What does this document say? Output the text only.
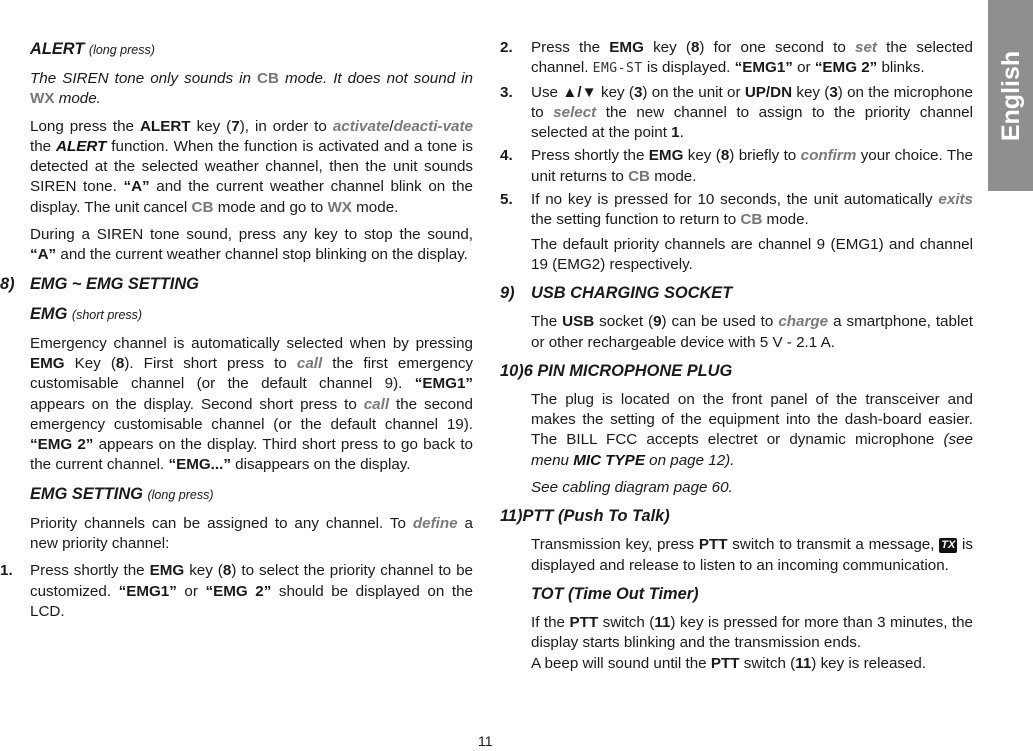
English
ALERT (long press)

The SIREN tone only sounds in CB mode. It does not sound in WX mode.

Long press the ALERT key (7), in order to activate/deacti-vate the ALERT function. When the function is activated and a tone is detected at the selected weather channel, then the unit sounds SIREN tone. “A” and the current weather channel blink on the display. The unit cancel CB mode and go to WX mode.

During a SIREN tone sound, press any key to stop the sound, “A” and the current weather channel stop blinking on the display.

8) EMG ~ EMG SETTING
EMG (short press)

Emergency channel is automatically selected when by pressing EMG Key (8). First short press to call the first emergency customisable channel (or the default channel 9). “EMG1” appears on the display. Second short press to call the second emergency customisable channel (or the default channel 19). “EMG 2” appears on the display. Third short press to go back to the current channel. “EMG...” disappears on the display.

EMG SETTING (long press)

Priority channels can be assigned to any channel. To define a new priority channel:

1.	Press shortly the EMG key (8) to select the priority channel to be customized. “EMG1” or “EMG 2” should be displayed on the LCD.
2.	Press the EMG key (8) for one second to set the selected channel. EMG-ST is displayed. “EMG1” or “EMG 2” blinks.
3.	Use ▲/▼ key (3) on the unit or UP/DN key (3) on the microphone to select the new channel to assign to the priority channel selected at the point 1.
4.	Press shortly the EMG key (8) briefly to confirm your choice. The unit returns to CB mode.
5.	If no key is pressed for 10 seconds, the unit automatically exits the setting function to return to CB mode.

The default priority channels are channel 9 (EMG1) and channel 19 (EMG2) respectively.

9) USB CHARGING SOCKET

The USB socket (9) can be used to charge a smartphone, tablet or other rechargeable device with 5 V - 2.1 A.

10)6 PIN MICROPHONE PLUG

The plug is located on the front panel of the transceiver and makes the setting of the equipment into the dash-board easier. The BILL FCC accepts electret or dynamic microphone (see menu MIC TYPE on page 12).

See cabling diagram page 60.

11)PTT (Push To Talk)

Transmission key, press PTT switch to transmit a message, TX is displayed and release to listen to an incoming communication.

TOT (Time Out Timer)

If the PTT switch (11) key is pressed for more than 3 minutes, the display starts blinking and the transmission ends.

A beep will sound until the PTT switch (11) key is released.

11
